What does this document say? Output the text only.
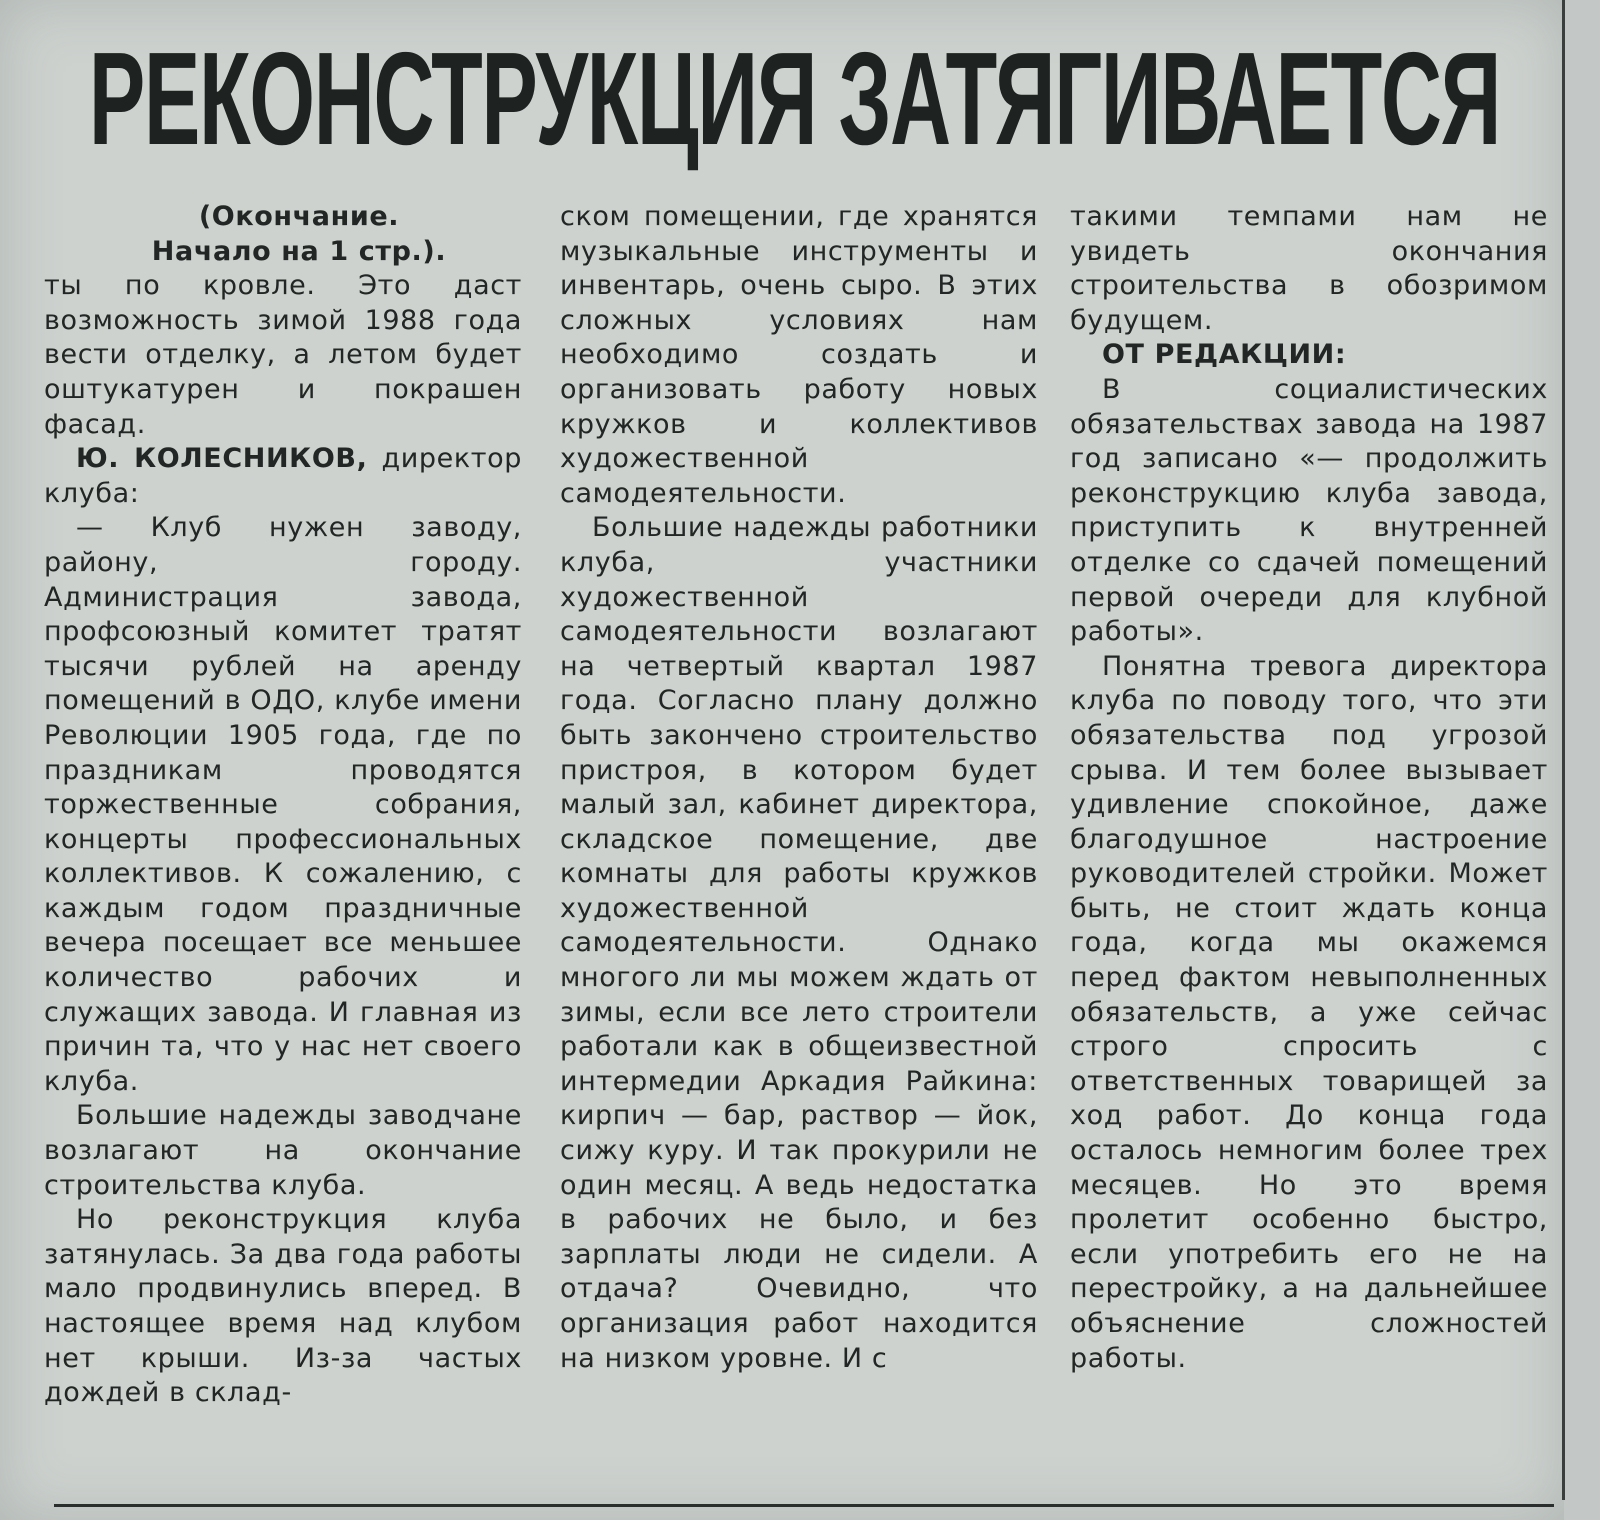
РЕКОНСТРУКЦИЯ ЗАТЯГИВАЕТСЯ

(Окончание.

Начало на 1 стр.).

ты по кровле. Это даст возможность зимой 1988 года вести отделку, а летом будет оштукатурен и покрашен фасад.

Ю. КОЛЕСНИКОВ, директор клуба:

— Клуб нужен заводу, району, городу. Администрация завода, профсоюзный комитет тратят тысячи рублей на аренду помещений в ОДО, клубе имени Революции 1905 года, где по праздникам проводятся торжественные собрания, концерты профессиональных коллективов. К сожалению, с каждым годом праздничные вечера посещает все меньшее количество рабочих и служащих завода. И главная из причин та, что у нас нет своего клуба.

Большие надежды заводчане возлагают на окончание строительства клуба.

Но реконструкция клуба затянулась. За два года работы мало продвинулись вперед. В настоящее время над клубом нет крыши. Из-за частых дождей в склад-

ском помещении, где хранятся музыкальные инструменты и инвентарь, очень сыро. В этих сложных условиях нам необходимо создать и организовать работу новых кружков и коллективов художественной самодеятельности.

Большие надежды работники клуба, участники художественной самодеятельности возлагают на четвертый квартал 1987 года. Согласно плану должно быть закончено строительство пристроя, в котором будет малый зал, кабинет директора, складское помещение, две комнаты для работы кружков художественной самодеятельности. Однако многого ли мы можем ждать от зимы, если все лето строители работали как в общеизвестной интермедии Аркадия Райкина: кирпич — бар, раствор — йок, сижу куру. И так прокурили не один месяц. А ведь недостатка в рабочих не было, и без зарплаты люди не сидели. А отдача? Очевидно, что организация работ находится на низком уровне. И с

такими темпами нам не увидеть окончания строительства в обозримом будущем.

ОТ РЕДАКЦИИ:

В социалистических обязательствах завода на 1987 год записано «— продолжить реконструкцию клуба завода, приступить к внутренней отделке со сдачей помещений первой очереди для клубной работы».

Понятна тревога директора клуба по поводу того, что эти обязательства под угрозой срыва. И тем более вызывает удивление спокойное, даже благодушное настроение руководителей стройки. Может быть, не стоит ждать конца года, когда мы окажемся перед фактом невыполненных обязательств, а уже сейчас строго спросить с ответственных товарищей за ход работ. До конца года осталось немногим более трех месяцев. Но это время пролетит особенно быстро, если употребить его не на перестройку, а на дальнейшее объяснение сложностей работы.
